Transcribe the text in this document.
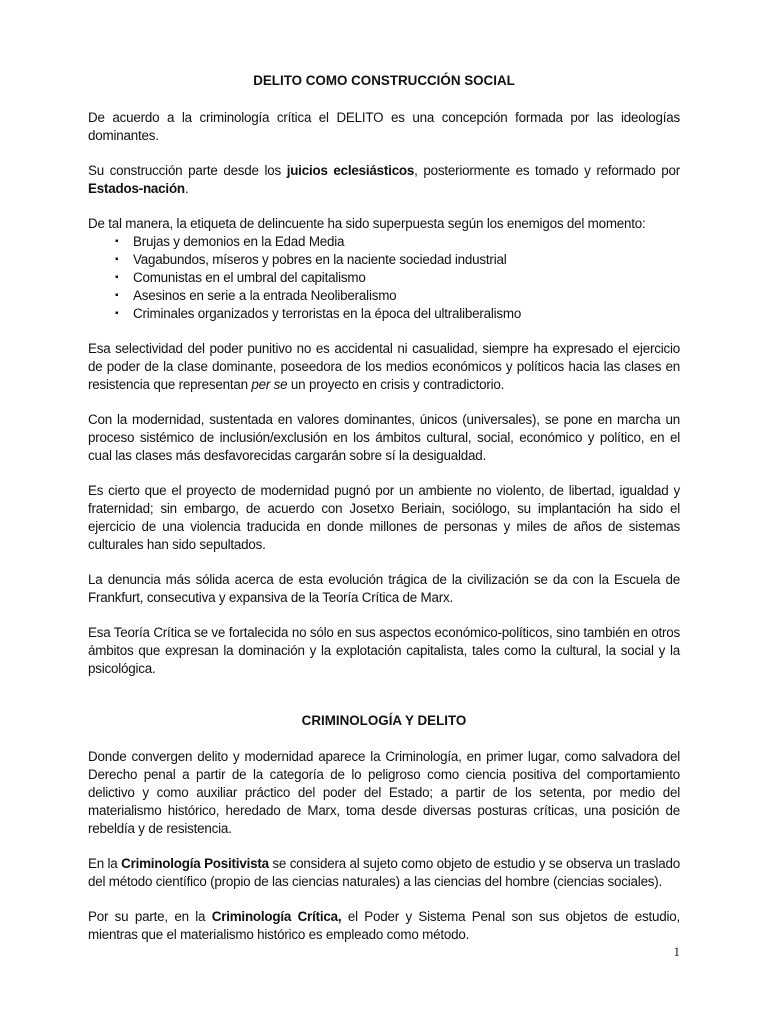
DELITO COMO CONSTRUCCIÓN SOCIAL

De acuerdo a la criminología crítica el DELITO es una concepción formada por las ideologías dominantes.

Su construcción parte desde los juicios eclesiásticos, posteriormente es tomado y reformado por Estados-nación.

De tal manera, la etiqueta de delincuente ha sido superpuesta según los enemigos del momento:

▪ Brujas y demonios en la Edad Media
▪ Vagabundos, míseros y pobres en la naciente sociedad industrial
▪ Comunistas en el umbral del capitalismo
▪ Asesinos en serie a la entrada Neoliberalismo
▪ Criminales organizados y terroristas en la época del ultraliberalismo

Esa selectividad del poder punitivo no es accidental ni casualidad, siempre ha expresado el ejercicio de poder de la clase dominante, poseedora de los medios económicos y políticos hacia las clases en resistencia que representan per se un proyecto en crisis y contradictorio.

Con la modernidad, sustentada en valores dominantes, únicos (universales), se pone en marcha un proceso sistémico de inclusión/exclusión en los ámbitos cultural, social, económico y político, en el cual las clases más desfavorecidas cargarán sobre sí la desigualdad.

Es cierto que el proyecto de modernidad pugnó por un ambiente no violento, de libertad, igualdad y fraternidad; sin embargo, de acuerdo con Josetxo Beriain, sociólogo, su implantación ha sido el ejercicio de una violencia traducida en donde millones de personas y miles de años de sistemas culturales han sido sepultados.

La denuncia más sólida acerca de esta evolución trágica de la civilización se da con la Escuela de Frankfurt, consecutiva y expansiva de la Teoría Crítica de Marx.

Esa Teoría Crítica se ve fortalecida no sólo en sus aspectos económico-políticos, sino también en otros ámbitos que expresan la dominación y la explotación capitalista, tales como la cultural, la social y la psicológica.

CRIMINOLOGÍA Y DELITO

Donde convergen delito y modernidad aparece la Criminología, en primer lugar, como salvadora del Derecho penal a partir de la categoría de lo peligroso como ciencia positiva del comportamiento delictivo y como auxiliar práctico del poder del Estado; a partir de los setenta, por medio del materialismo histórico, heredado de Marx, toma desde diversas posturas críticas, una posición de rebeldía y de resistencia.

En la Criminología Positivista se considera al sujeto como objeto de estudio y se observa un traslado del método científico (propio de las ciencias naturales) a las ciencias del hombre (ciencias sociales).

Por su parte, en la Criminología Crítica, el Poder y Sistema Penal son sus objetos de estudio, mientras que el materialismo histórico es empleado como método.

1
